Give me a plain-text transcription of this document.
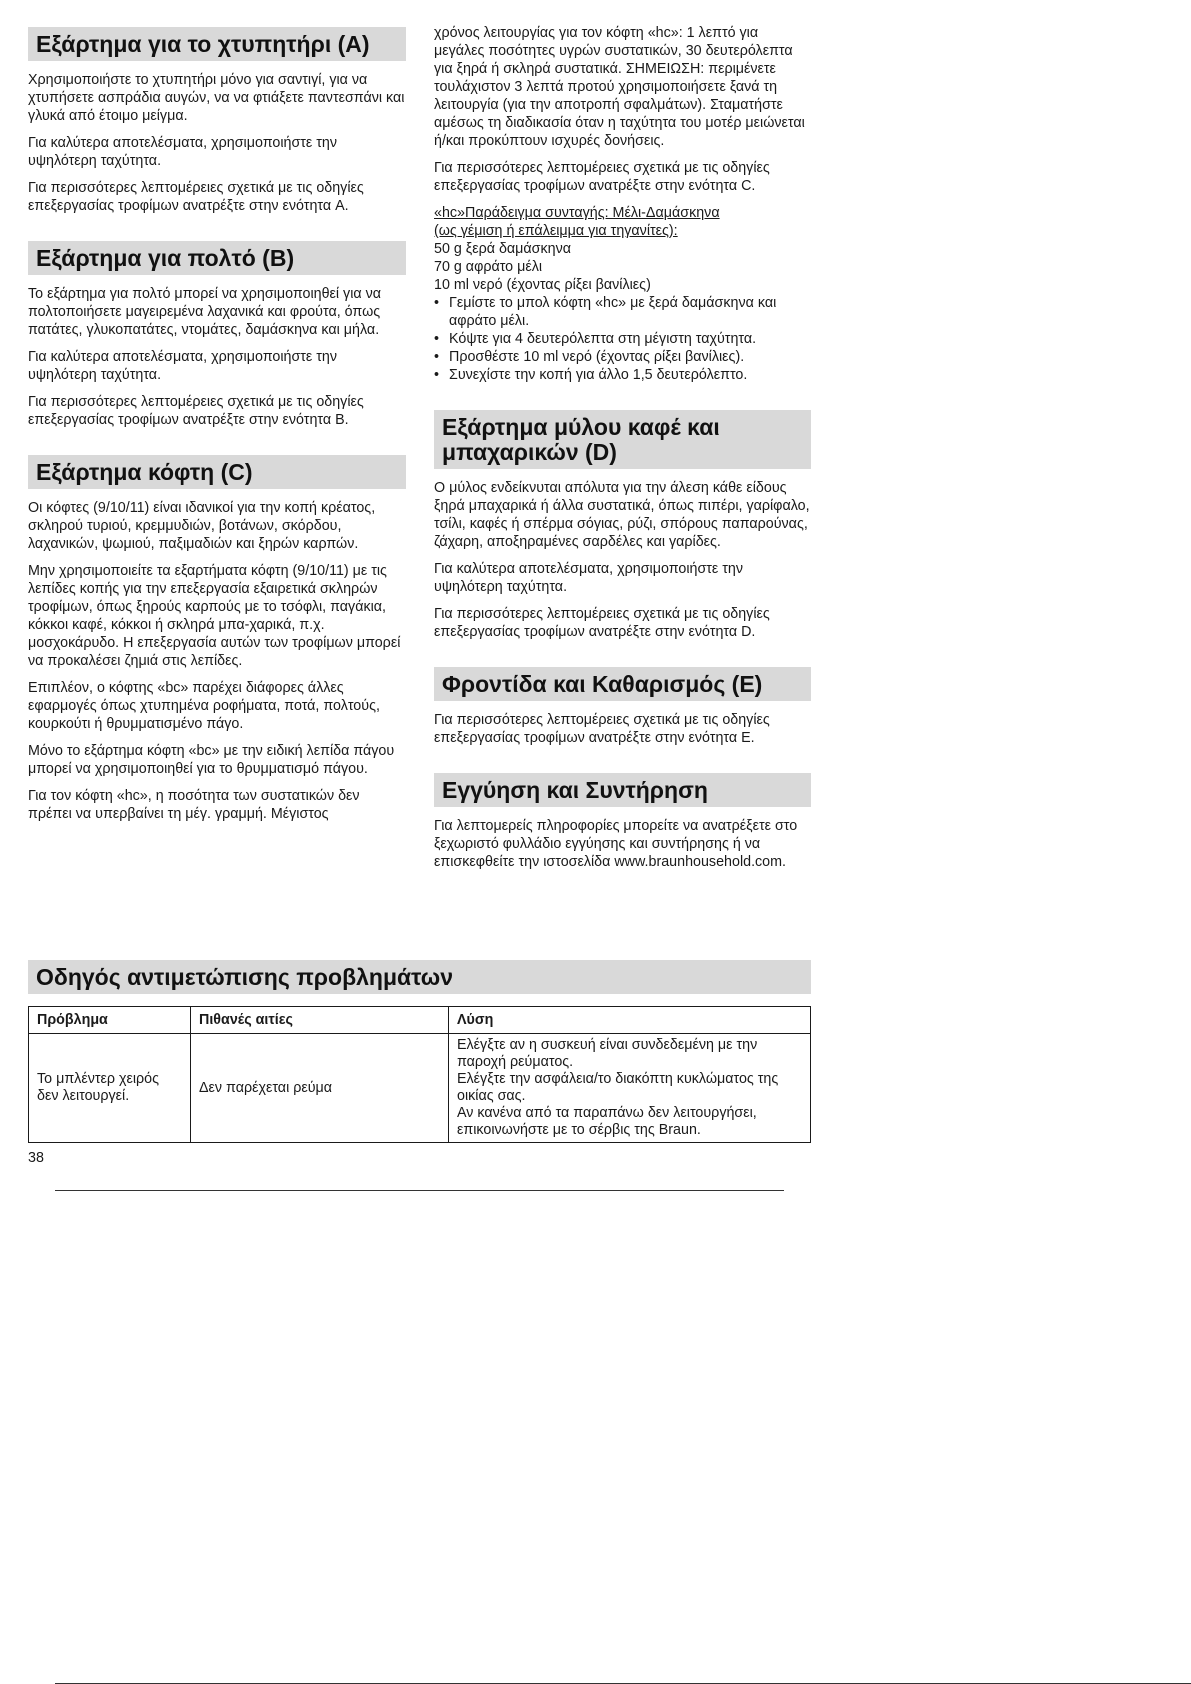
Εξάρτημα για το χτυπητήρι (A)

Χρησιμοποιήστε το χτυπητήρι μόνο για σαντιγί, για να χτυπήσετε ασπράδια αυγών, να να φτιάξετε παντεσπάνι και γλυκά από έτοιμο μείγμα.

Για καλύτερα αποτελέσματα, χρησιμοποιήστε την υψηλότερη ταχύτητα.

Για περισσότερες λεπτομέρειες σχετικά με τις οδηγίες επεξεργασίας τροφίμων ανατρέξτε στην ενότητα A.

Εξάρτημα για πολτό (B)

Το εξάρτημα για πολτό μπορεί να χρησιμοποιηθεί για να πολτοποιήσετε μαγειρεμένα λαχανικά και φρούτα, όπως πατάτες, γλυκοπατάτες, ντομάτες, δαμάσκηνα και μήλα.

Για καλύτερα αποτελέσματα, χρησιμοποιήστε την υψηλότερη ταχύτητα.

Για περισσότερες λεπτομέρειες σχετικά με τις οδηγίες επεξεργασίας τροφίμων ανατρέξτε στην ενότητα B.

Εξάρτημα κόφτη (C)

Οι κόφτες (9/10/11) είναι ιδανικοί για την κοπή κρέατος, σκληρού τυριού, κρεμμυδιών, βοτάνων, σκόρδου, λαχανικών, ψωμιού, παξιμαδιών και ξηρών καρπών.

Μην χρησιμοποιείτε τα εξαρτήματα κόφτη (9/10/11) με τις λεπίδες κοπής για την επεξεργασία εξαιρετικά σκληρών τροφίμων, όπως ξηρούς καρπούς με το τσόφλι, παγάκια, κόκκοι καφέ, κόκκοι ή σκληρά μπα-χαρικά, π.χ. μοσχοκάρυδο. Η επεξεργασία αυτών των τροφίμων μπορεί να προκαλέσει ζημιά στις λεπίδες.

Επιπλέον, ο κόφτης «bc» παρέχει διάφορες άλλες εφαρμογές όπως χτυπημένα ροφήματα, ποτά, πολτούς, κουρκούτι ή θρυμματισμένο πάγο.

Μόνο το εξάρτημα κόφτη «bc» με την ειδική λεπίδα πάγου μπορεί να χρησιμοποιηθεί για το θρυμματισμό πάγου.

Για τον κόφτη «hc», η ποσότητα των συστατικών δεν πρέπει να υπερβαίνει τη μέγ. γραμμή. Μέγιστος

χρόνος λειτουργίας για τον κόφτη «hc»: 1 λεπτό για μεγάλες ποσότητες υγρών συστατικών, 30 δευτερόλεπτα για ξηρά ή σκληρά συστατικά. ΣΗΜΕΙΩΣΗ: περιμένετε τουλάχιστον 3 λεπτά προτού χρησιμοποιήσετε ξανά τη λειτουργία (για την αποτροπή σφαλμάτων). Σταματήστε αμέσως τη διαδικασία όταν η ταχύτητα του μοτέρ μειώνεται ή/και προκύπτουν ισχυρές δονήσεις.

Για περισσότερες λεπτομέρειες σχετικά με τις οδηγίες επεξεργασίας τροφίμων ανατρέξτε στην ενότητα C.

«hc»Παράδειγμα συνταγής: Μέλι-Δαμάσκηνα
(ως γέμιση ή επάλειμμα για τηγανίτες):
50 g ξερά δαμάσκηνα
70 g αφράτο μέλι
10 ml νερό (έχοντας ρίξει βανίλιες)
• Γεμίστε το μπολ κόφτη «hc» με ξερά δαμάσκηνα και αφράτο μέλι.
• Κόψτε για 4 δευτερόλεπτα στη μέγιστη ταχύτητα.
• Προσθέστε 10 ml νερό (έχοντας ρίξει βανίλιες).
• Συνεχίστε την κοπή για άλλο 1,5 δευτερόλεπτο.
Εξάρτημα μύλου καφέ και μπαχαρικών (D)

Ο μύλος ενδείκνυται απόλυτα για την άλεση κάθε είδους ξηρά μπαχαρικά ή άλλα συστατικά, όπως πιπέρι, γαρίφαλο, τσίλι, καφές ή σπέρμα σόγιας, ρύζι, σπόρους παπαρούνας, ζάχαρη, αποξηραμένες σαρδέλες και γαρίδες.

Για καλύτερα αποτελέσματα, χρησιμοποιήστε την υψηλότερη ταχύτητα.

Για περισσότερες λεπτομέρειες σχετικά με τις οδηγίες επεξεργασίας τροφίμων ανατρέξτε στην ενότητα D.

Φροντίδα και Καθαρισμός (E)

Για περισσότερες λεπτομέρειες σχετικά με τις οδηγίες επεξεργασίας τροφίμων ανατρέξτε στην ενότητα E.

Εγγύηση και Συντήρηση

Για λεπτομερείς πληροφορίες μπορείτε να ανατρέξετε στο ξεχωριστό φυλλάδιο εγγύησης και συντήρησης ή να επισκεφθείτε την ιστοσελίδα www.braunhousehold.com.

Οδηγός αντιμετώπισης προβλημάτων
Πρόβλημα	Πιθανές αιτίες	Λύση
Το μπλέντερ χειρός δεν λειτουργεί.	Δεν παρέχεται ρεύμα	Ελέγξτε αν η συσκευή είναι συνδεδεμένη με την παροχή ρεύματος.
Ελέγξτε την ασφάλεια/το διακόπτη κυκλώματος της οικίας σας.
Αν κανένα από τα παραπάνω δεν λειτουργήσει, επικοινωνήστε με το σέρβις της Braun.
38
